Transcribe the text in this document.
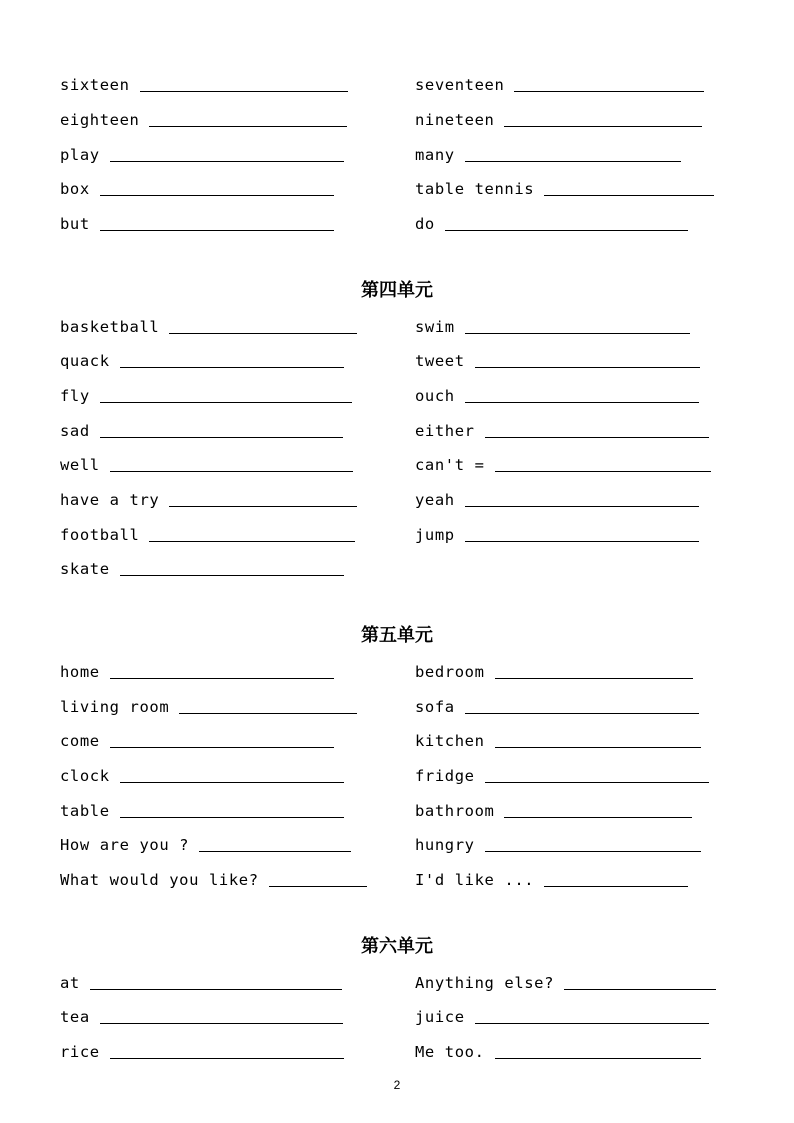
sixteen	seventeen
eighteen	nineteen
play	many
box	table tennis
but	do
第四单元
basketball	swim
quack	tweet
fly	ouch
sad	either
well	can't =
have a try	yeah
football	jump
skate
第五单元
home	bedroom
living room	sofa
come	kitchen
clock	fridge
table	bathroom
How are you ?	hungry
What would you like?	I'd like ...
第六单元
at	Anything else?
tea	juice
rice	Me too.
2
